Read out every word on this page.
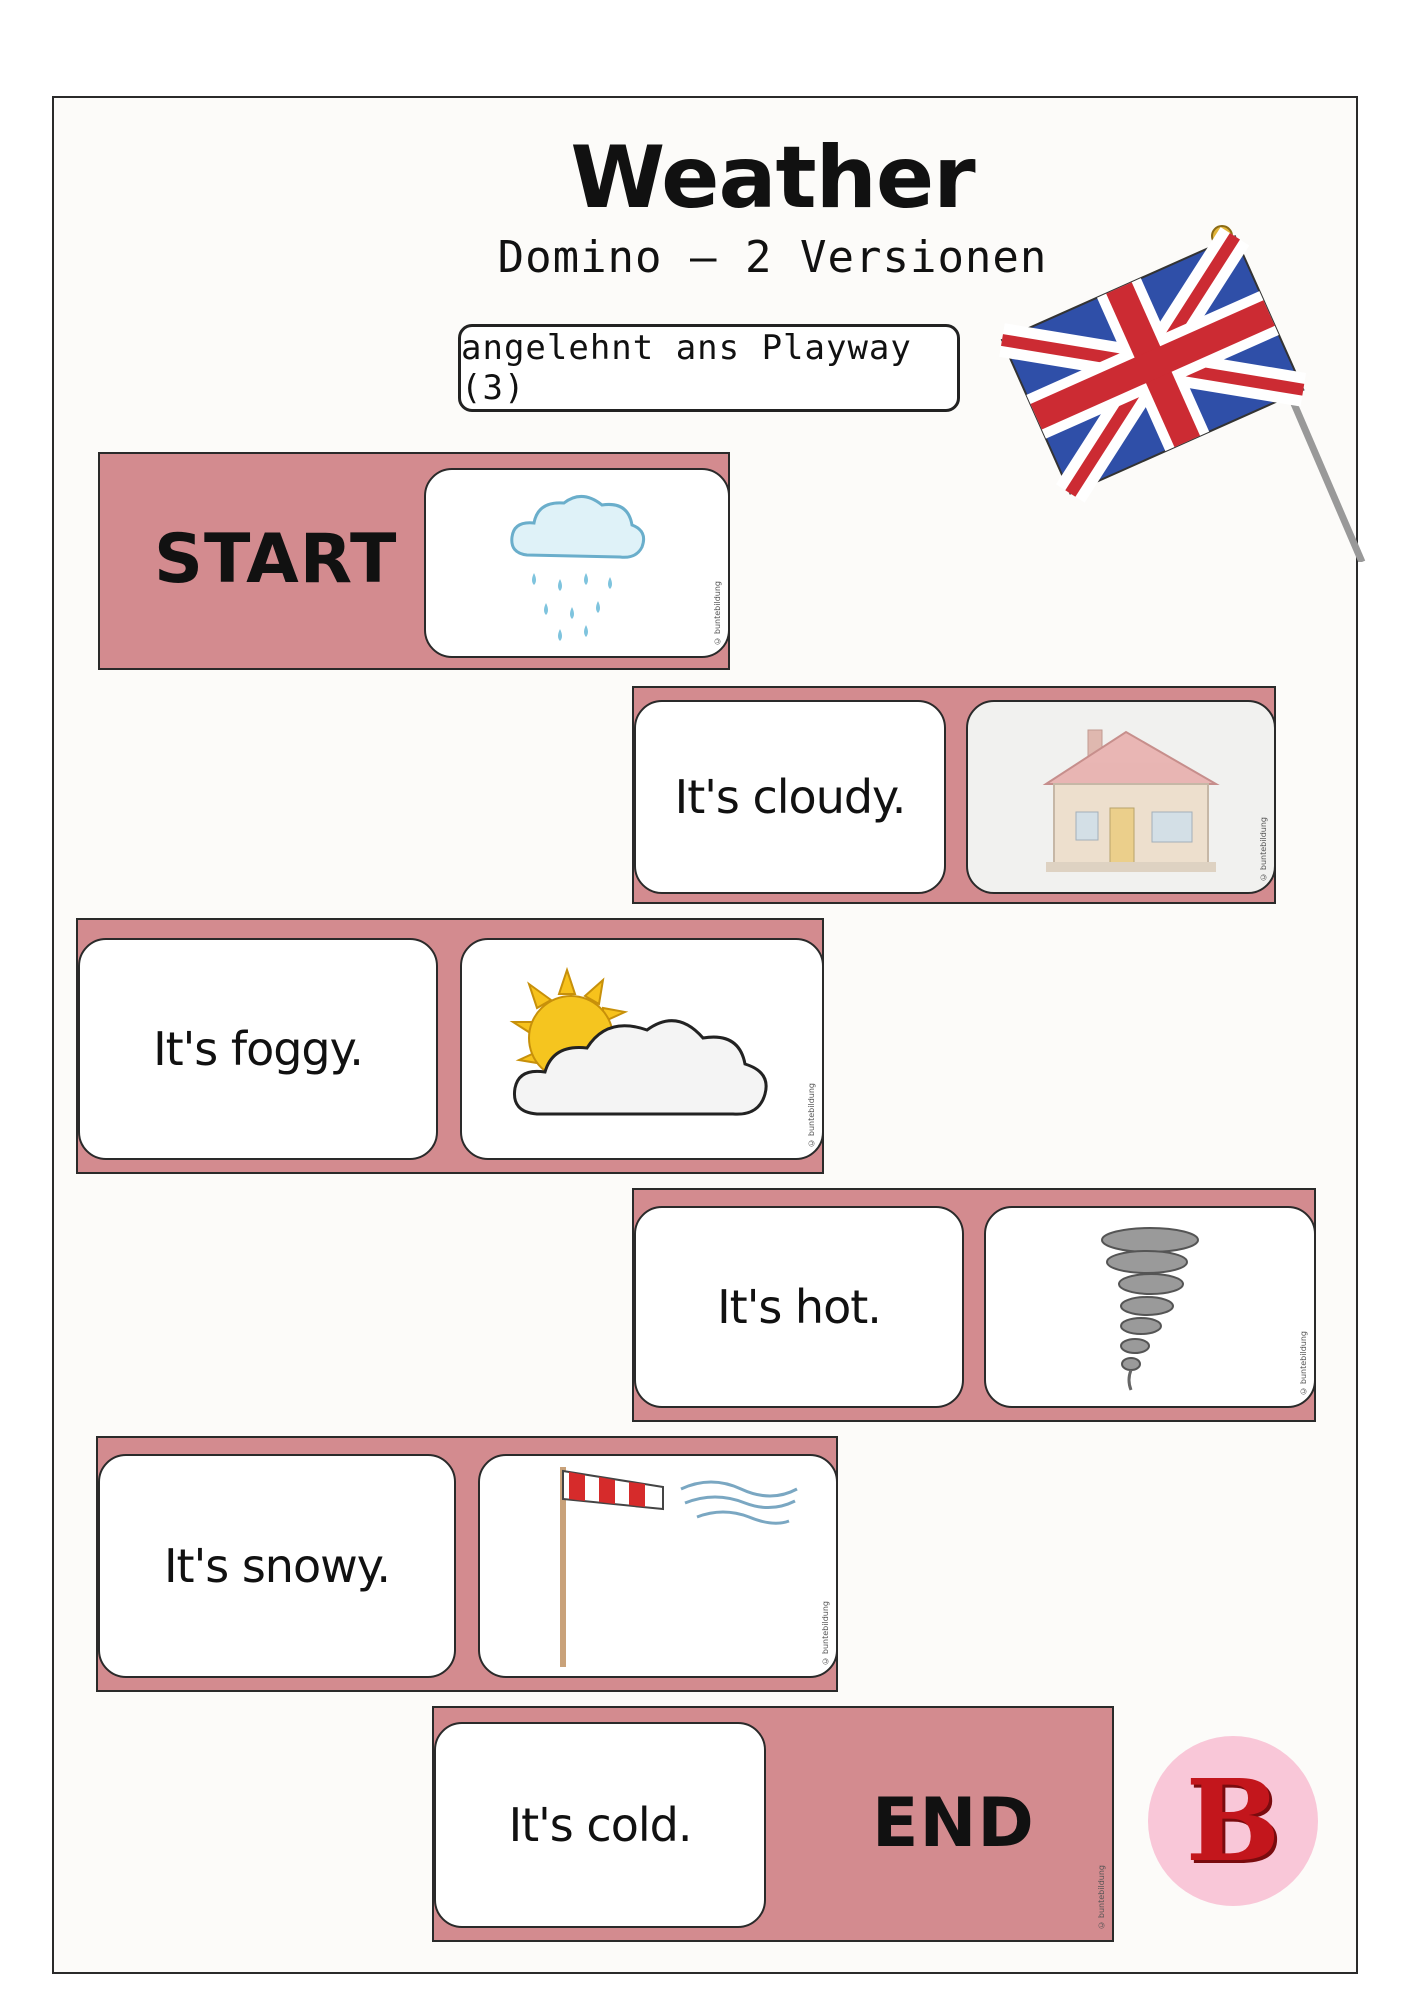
Weather
Domino – 2 Versionen
angelehnt ans Playway (3)
START
© buntebildung
It's cloudy.
© buntebildung
It's foggy.
© buntebildung
It's hot.
© buntebildung
It's snowy.
© buntebildung
It's cold.	END
© buntebildung
B
